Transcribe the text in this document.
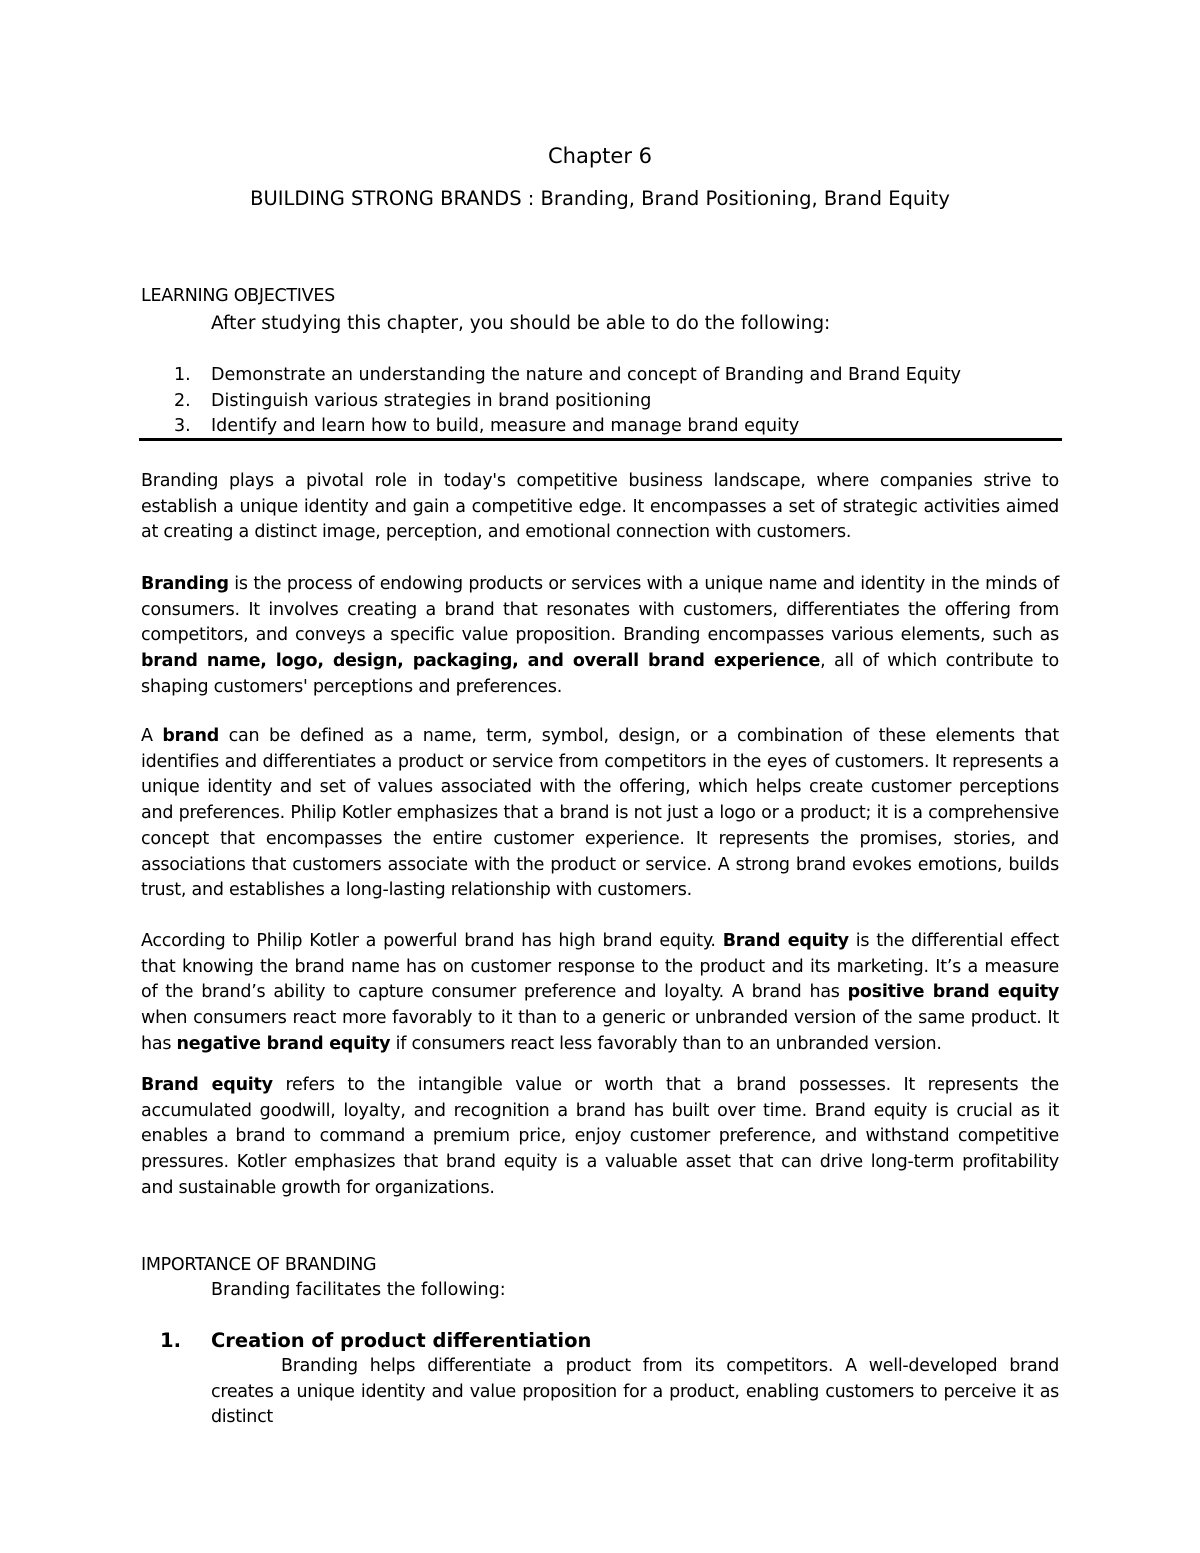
Chapter 6
BUILDING STRONG BRANDS : Branding, Brand Positioning, Brand Equity
LEARNING OBJECTIVES
After studying this chapter, you should be able to do the following:
1. Demonstrate an understanding the nature and concept of Branding and Brand Equity
2. Distinguish various strategies in brand positioning
3. Identify and learn how to build, measure and manage brand equity

Branding plays a pivotal role in today's competitive business landscape, where companies strive to establish a unique identity and gain a competitive edge. It encompasses a set of strategic activities aimed at creating a distinct image, perception, and emotional connection with customers.

Branding is the process of endowing products or services with a unique name and identity in the minds of consumers. It involves creating a brand that resonates with customers, differentiates the offering from competitors, and conveys a specific value proposition. Branding encompasses various elements, such as brand name, logo, design, packaging, and overall brand experience, all of which contribute to shaping customers' perceptions and preferences.

A brand can be defined as a name, term, symbol, design, or a combination of these elements that identifies and differentiates a product or service from competitors in the eyes of customers. It represents a unique identity and set of values associated with the offering, which helps create customer perceptions and preferences. Philip Kotler emphasizes that a brand is not just a logo or a product; it is a comprehensive concept that encompasses the entire customer experience. It represents the promises, stories, and associations that customers associate with the product or service. A strong brand evokes emotions, builds trust, and establishes a long-lasting relationship with customers.

According to Philip Kotler a powerful brand has high brand equity. Brand equity is the differential effect that knowing the brand name has on customer response to the product and its marketing. It’s a measure of the brand’s ability to capture consumer preference and loyalty. A brand has positive brand equity when consumers react more favorably to it than to a generic or unbranded version of the same product. It has negative brand equity if consumers react less favorably than to an unbranded version.

Brand equity refers to the intangible value or worth that a brand possesses. It represents the accumulated goodwill, loyalty, and recognition a brand has built over time. Brand equity is crucial as it enables a brand to command a premium price, enjoy customer preference, and withstand competitive pressures. Kotler emphasizes that brand equity is a valuable asset that can drive long-term profitability and sustainable growth for organizations.

IMPORTANCE OF BRANDING
Branding facilitates the following:
1. Creation of product differentiation

Branding helps differentiate a product from its competitors. A well-developed brand creates a unique identity and value proposition for a product, enabling customers to perceive it as distinct
